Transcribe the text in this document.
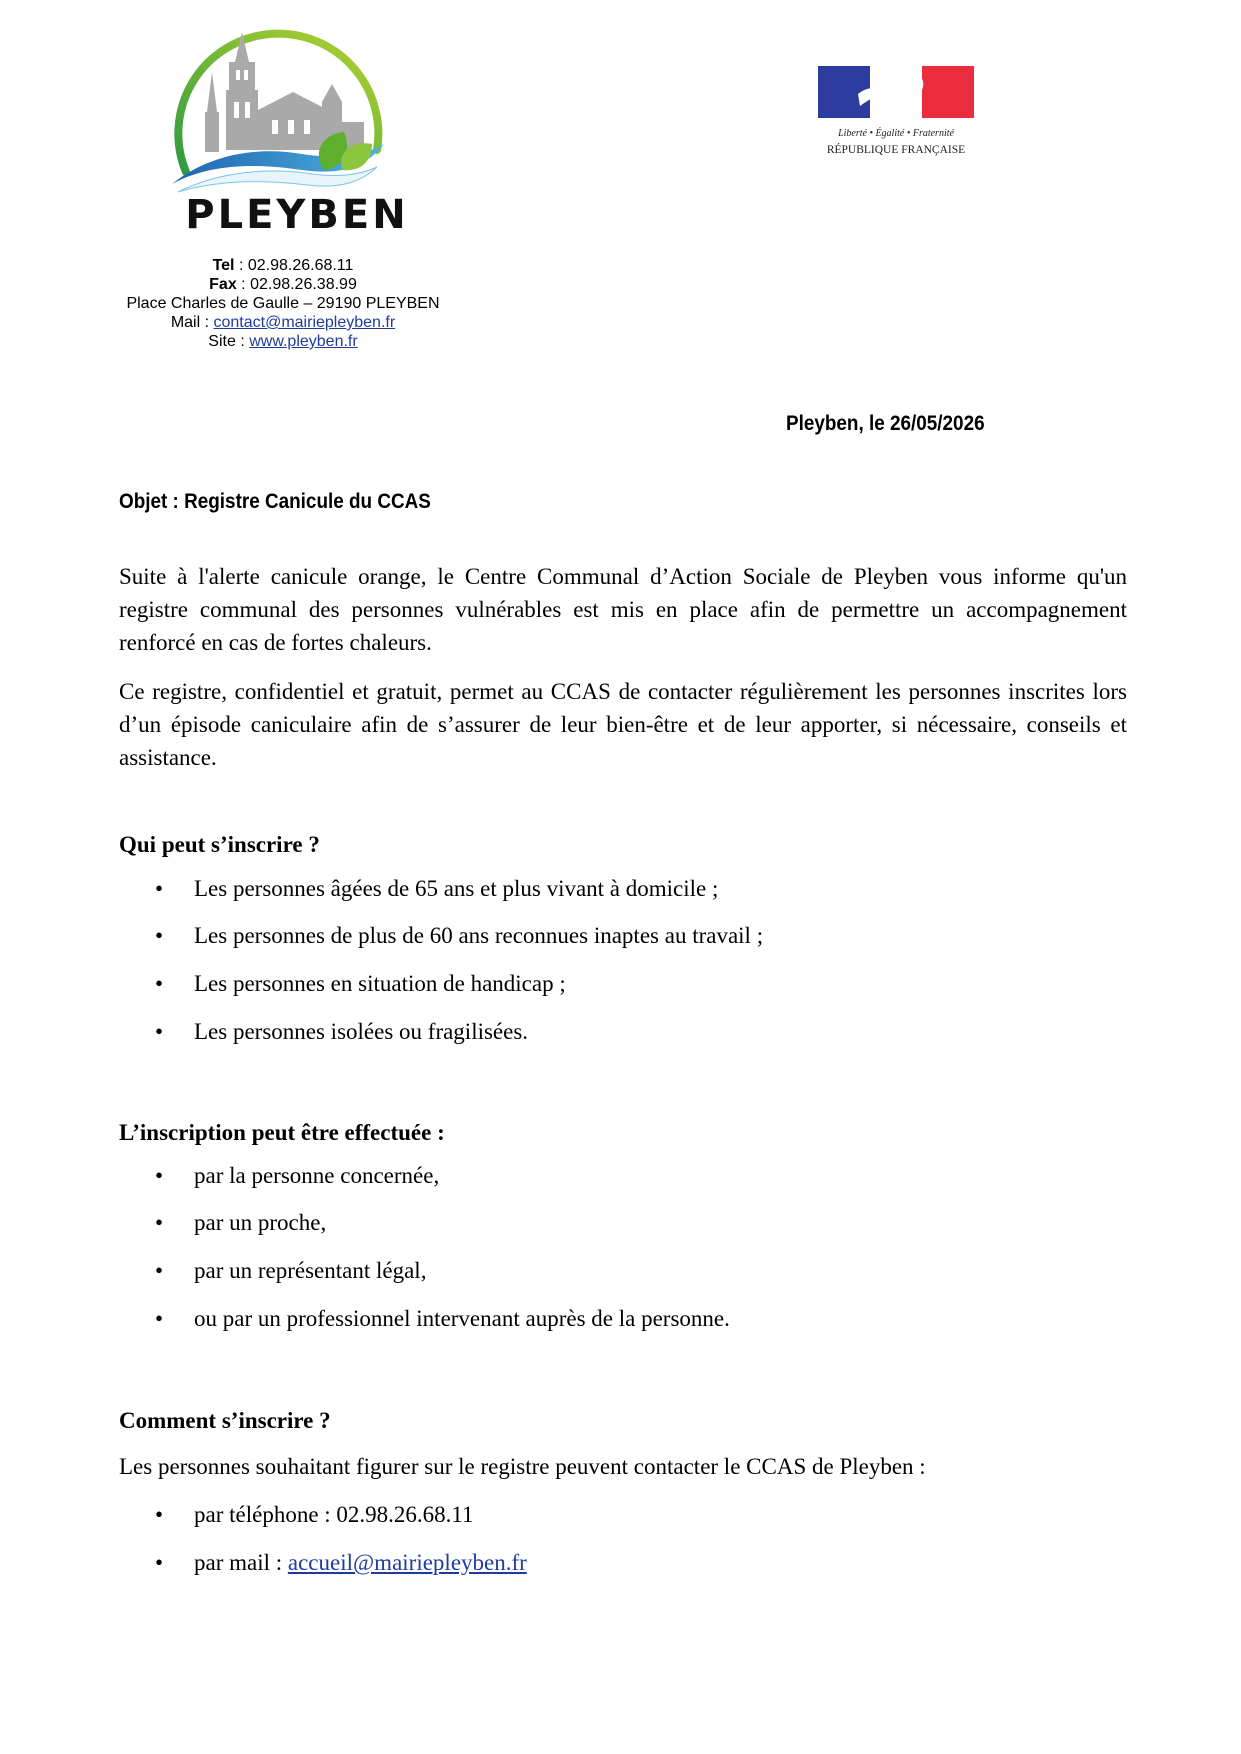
PLEYBEN
Liberté • Égalité • Fraternité
RÉPUBLIQUE FRANÇAISE
Tel : 02.98.26.68.11
Fax : 02.98.26.38.99
Place Charles de Gaulle – 29190 PLEYBEN
Mail : contact@mairiepleyben.fr
Site : www.pleyben.fr
Pleyben, le 26/05/2026
Objet : Registre Canicule du CCAS
Suite à l'alerte canicule orange, le Centre Communal d’Action Sociale de Pleyben vous informe qu'un registre communal des personnes vulnérables est mis en place afin de permettre un accompagnement renforcé en cas de fortes chaleurs.
Ce registre, confidentiel et gratuit, permet au CCAS de contacter régulièrement les personnes inscrites lors d’un épisode caniculaire afin de s’assurer de leur bien-être et de leur apporter, si nécessaire, conseils et assistance.
Qui peut s’inscrire ?
• Les personnes âgées de 65 ans et plus vivant à domicile ;
• Les personnes de plus de 60 ans reconnues inaptes au travail ;
• Les personnes en situation de handicap ;
• Les personnes isolées ou fragilisées.
L’inscription peut être effectuée :
• par la personne concernée,
• par un proche,
• par un représentant légal,
• ou par un professionnel intervenant auprès de la personne.
Comment s’inscrire ?
Les personnes souhaitant figurer sur le registre peuvent contacter le CCAS de Pleyben :
• par téléphone : 02.98.26.68.11
• par mail : accueil@mairiepleyben.fr
